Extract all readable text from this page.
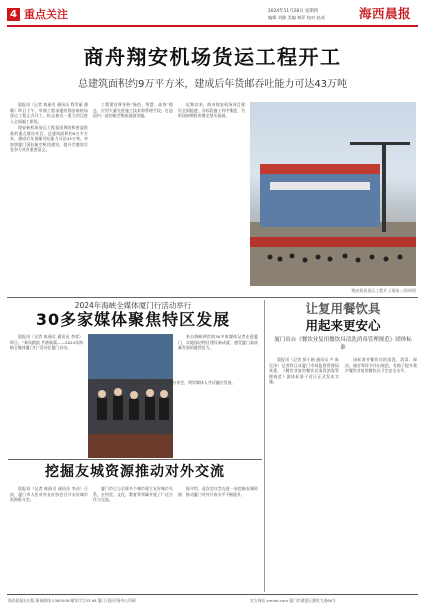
4 重点关注	2024年11月28日 星期四
编辑 刘健 美编 林萍 校对 赵成	海西晨报
商舟翔安机场货运工程开工
总建筑面积约9万平方米，建成后年货邮吞吐能力可达43万吨

晨报讯（记者 陈丽贞 通讯员 程雪丽 潘颖）昨日下午，华润工程承建的翔安新机场货运工程正式开工，标志着这一重大项目进入全面施工阶段。

翔安新机场货运工程是国务院和省委批准的重点建设项目，总建筑面积约9万平方米，建成后年货邮吞吐能力可达43万吨，对加快厦门国际航空枢纽建设、提升空港综合竞争力具有重要意义。

工程建设将坚持“绿色、智慧、高效”理念，应用大量先进施工技术和管理手段，打造国内一流的航空物流基础设施。

近期以来，商舟翔安机场项目建设全面提速，各标段施工有序推进，为机场如期投用奠定坚实基础。

翔安机场货运工程开工现场 ○资料图
2024年海峡全媒体厦门行活动举行
30多家媒体聚焦特区发展

晨报讯（记者 陈丽贞 通讯员 李欣）昨日，“乘风踏浪 共谱新篇——2024年海峡全媒体厦门行”活动在厦门启动。

来自海峡两岸的30多家媒体记者走进厦门，实地探访特区建设新成就，感受厦门高质量发展的蓬勃活力。

此次活动还安排了“乘风踏浪 共谱新篇”主题分享会，两岸媒体人共话融合发展。

挖掘友城资源推动对外交流

晨报讯（记者 陈丽贞 通讯员 李洁）日前，厦门市人民对外友好协会召开友好城市资源推介会。

厦门市已与全球多个城市建立友好城市关系，在经贸、文化、教育等领域开展了广泛合作与交流。

据介绍，此次会议旨在进一步挖掘友城资源，推动厦门对外开放水平不断提升。

让复用餐饮具
用起来更安心
厦门出台《餐饮业复用餐饮具清洗消毒管理规范》团体标准

晨报讯（记者 彭小娟 通讯员 卢 陈 吴泽）记者昨日从厦门市场监督管理局获悉，《餐饮业复用餐饮具清洗消毒管理规范》团体标准于近日正式发布实施。

该标准对餐饮具的清洗、消毒、保洁、储存等环节作出规范，有助于提升我市餐饮业复用餐饮具卫生安全水平。

海西晨报社出版 新闻热线 5380008 邮发代号33-98 厦门日报印务中心印刷	官方网站 xmzsb.com 厦门市湖里区湖里大道66号
